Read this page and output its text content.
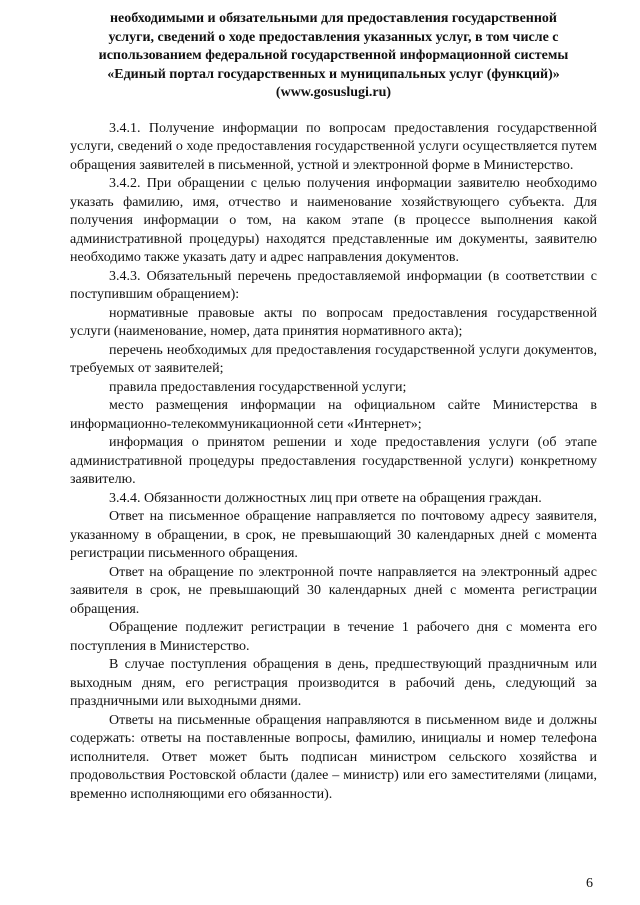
необходимыми и обязательными для предоставления государственной
услуги, сведений о ходе предоставления указанных услуг, в том числе с
использованием федеральной государственной информационной системы
«Единый портал государственных и муниципальных услуг (функций)»
(www.gosuslugi.ru)

3.4.1. Получение информации по вопросам предоставления государственной услуги, сведений о ходе предоставления государственной услуги осуществляется путем обращения заявителей в письменной, устной и электронной форме в Министерство.

3.4.2. При обращении с целью получения информации заявителю необходимо указать фамилию, имя, отчество и наименование хозяйствующего субъекта. Для получения информации о том, на каком этапе (в процессе выполнения какой административной процедуры) находятся представленные им документы, заявителю необходимо также указать дату и адрес направления документов.

3.4.3. Обязательный перечень предоставляемой информации (в соответствии с поступившим обращением):

нормативные правовые акты по вопросам предоставления государственной услуги (наименование, номер, дата принятия нормативного акта);

перечень необходимых для предоставления государственной услуги документов, требуемых от заявителей;

правила предоставления государственной услуги;

место размещения информации на официальном сайте Министерства в информационно-телекоммуникационной сети «Интернет»;

информация о принятом решении и ходе предоставления услуги (об этапе административной процедуры предоставления государственной услуги) конкретному заявителю.

3.4.4. Обязанности должностных лиц при ответе на обращения граждан.

Ответ на письменное обращение направляется по почтовому адресу заявителя, указанному в обращении, в срок, не превышающий 30 календарных дней с момента регистрации письменного обращения.

Ответ на обращение по электронной почте направляется на электронный адрес заявителя в срок, не превышающий 30 календарных дней с момента регистрации обращения.

Обращение подлежит регистрации в течение 1 рабочего дня с момента его поступления в Министерство.

В случае поступления обращения в день, предшествующий праздничным или выходным дням, его регистрация производится в рабочий день, следующий за праздничными или выходными днями.

Ответы на письменные обращения направляются в письменном виде и должны содержать: ответы на поставленные вопросы, фамилию, инициалы и номер телефона исполнителя. Ответ может быть подписан министром сельского хозяйства и продовольствия Ростовской области (далее – министр) или его заместителями (лицами, временно исполняющими его обязанности).

6
